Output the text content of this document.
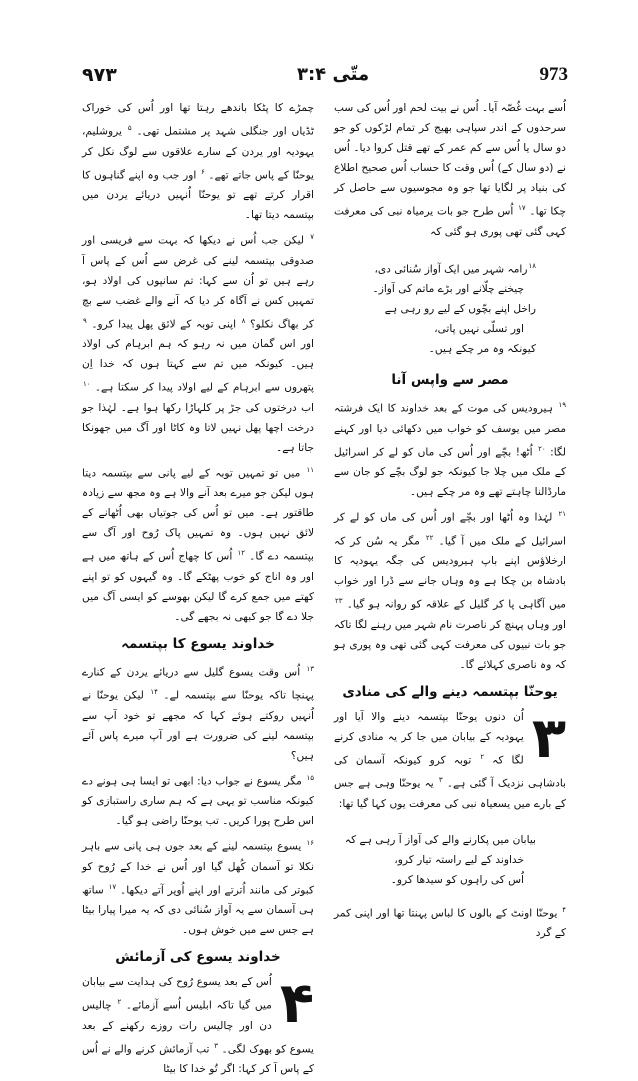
۹۷۳	متّی ۳:۴	973

اُسے بہت غُصّہ آیا۔ اُس نے بیت لحم اور اُس کی سب سرحدوں کے اندر سپاہی بھیج کر تمام لڑکوں کو جو دو سال یا اُس سے کم عمر کے تھے قتل کروا دیا۔ اُس نے (دو سال کے) اُس وقت کا حساب اُس صحیح اطلاع کی بنیاد پر لگایا تھا جو وہ مجوسیوں سے حاصل کر چکا تھا۔ $^{۱۷}$ اُس طرح جو بات یرمیاہ نبی کی معرفت کہی گئی تھی پوری ہو گئی کہ

$^{۱۸}$رامہ شہر میں ایک آواز سُنائی دی،
چیخنے چلّانے اور بڑے ماتم کی آواز۔
راخل اپنے بچّوں کے لیے رو رہی ہے
اور تسلّی نہیں پاتی،
کیونکہ وہ مر چکے ہیں۔
مصر سے واپس آنا

$^{۱۹}$ ہیرودیس کی موت کے بعد خداوند کا ایک فرشتہ مصر میں یوسف کو خواب میں دکھائی دیا اور کہنے لگا: $^{۲۰}$ اُٹھ! بچّے اور اُس کی ماں کو لے کر اسرائیل کے ملک میں چلا جا کیونکہ جو لوگ بچّے کو جان سے مارڈالنا چاہتے تھے وہ مر چکے ہیں۔

$^{۲۱}$ لہٰذا وہ اُٹھا اور بچّے اور اُس کی ماں کو لے کر اسرائیل کے ملک میں آ گیا۔ $^{۲۲}$ مگر یہ سُن کر کہ ارخلاؤس اپنے باپ ہیرودیس کی جگہ یہودیہ کا بادشاہ بن چکا ہے وہ وہاں جانے سے ڈرا اور خواب میں آگاہی پا کر گلیل کے علاقہ کو روانہ ہو گیا۔ $^{۲۳}$ اور وہاں پہنچ کر ناصرت نام شہر میں رہنے لگا تاکہ جو بات نبیوں کی معرفت کہی گئی تھی وہ پوری ہو کہ وہ ناصری کہلائے گا۔

یوحنّا بپتسمہ دینے والے کی منادی
۳

اُن دنوں یوحنّا بپتسمہ دینے والا آیا اور یہودیہ کے بیابان میں جا کر یہ منادی کرنے لگا کہ $^۲$ توبہ کرو کیونکہ آسمان کی بادشاہی نزدیک آ گئی ہے۔ $^۳$ یہ یوحنّا وہی ہے جس کے بارے میں یسعیاہ نبی کی معرفت یوں کہا گیا تھا:

بیابان میں پکارنے والے کی آواز آ رہی ہے کہ
خداوند کے لیے راستہ تیار کرو،
اُس کی راہوں کو سیدھا کرو۔

$^۴$ یوحنّا اونٹ کے بالوں کا لباس پہنتا تھا اور اپنی کمر کے گرد

چمڑے کا پٹکا باندھے رہتا تھا اور اُس کی خوراک ٹڈیاں اور جنگلی شہد پر مشتمل تھی۔ $^۵$ یروشلیم، یہودیہ اور یردن کے سارے علاقوں سے لوگ نکل کر یوحنّا کے پاس جاتے تھے۔ $^۶$ اور جب وہ اپنے گناہوں کا اقرار کرتے تھے تو یوحنّا اُنہیں دریائے یردن میں بپتسمہ دیتا تھا۔

$^۷$ لیکن جب اُس نے دیکھا کہ بہت سے فریسی اور صدوقی بپتسمہ لینے کی غرض سے اُس کے پاس آ رہے ہیں تو اُن سے کہا: تم سانپوں کی اولاد ہو، تمہیں کس نے آگاہ کر دیا کہ آنے والے غضب سے بچ کر بھاگ نکلو؟ $^۸$ اپنی توبہ کے لائق پھل پیدا کرو۔ $^۹$ اور اس گمان میں نہ رہو کہ ہم ابرہام کی اولاد ہیں۔ کیونکہ میں تم سے کہتا ہوں کہ خدا اِن پتھروں سے ابرہام کے لیے اولاد پیدا کر سکتا ہے۔ $^{۱۰}$ اب درختوں کی جڑ پر کلہاڑا رکھا ہوا ہے۔ لہٰذا جو درخت اچھا پھل نہیں لاتا وہ کاٹا اور آگ میں جھونکا جاتا ہے۔

$^{۱۱}$ میں تو تمہیں توبہ کے لیے پانی سے بپتسمہ دیتا ہوں لیکن جو میرے بعد آنے والا ہے وہ مجھ سے زیادہ طاقتور ہے۔ میں تو اُس کی جوتیاں بھی اُٹھانے کے لائق نہیں ہوں۔ وہ تمہیں پاک رُوح اور آگ سے بپتسمہ دے گا۔ $^{۱۲}$ اُس کا چھاج اُس کے ہاتھ میں ہے اور وہ اناج کو خوب پھٹکے گا۔ وہ گیہوں کو تو اپنے کھتے میں جمع کرے گا لیکن بھوسے کو ایسی آگ میں جلا دے گا جو کبھی نہ بجھے گی۔

خداوند یسوع کا بپتسمہ

$^{۱۳}$ اُس وقت یسوع گلیل سے دریائے یردن کے کنارے پہنچا تاکہ یوحنّا سے بپتسمہ لے۔ $^{۱۴}$ لیکن یوحنّا نے اُنہیں روکتے ہوئے کہا کہ مجھے تو خود آپ سے بپتسمہ لینے کی ضرورت ہے اور آپ میرے پاس آئے ہیں؟

$^{۱۵}$ مگر یسوع نے جواب دیا: ابھی تو ایسا ہی ہونے دے کیونکہ مناسب تو یہی ہے کہ ہم ساری راستبازی کو اس طرح پورا کریں۔ تب یوحنّا راضی ہو گیا۔

$^{۱۶}$ یسوع بپتسمہ لینے کے بعد جوں ہی پانی سے باہر نکلا تو آسمان کُھل گیا اور اُس نے خدا کے رُوح کو کبوتر کی مانند اُترتے اور اپنے اُوپر آتے دیکھا۔ $^{۱۷}$ ساتھ ہی آسمان سے یہ آواز سُنائی دی کہ یہ میرا پیارا بیٹا ہے جس سے میں خوش ہوں۔

خداوند یسوع کی آزمائش
۴

اُس کے بعد یسوع رُوح کی ہدایت سے بیابان میں گیا تاکہ ابلیس اُسے آزمائے۔ $^۲$ چالیس دن اور چالیس رات روزے رکھنے کے بعد یسوع کو بھوک لگی۔ $^۳$ تب آزمائش کرنے والے نے اُس کے پاس آ کر کہا: اگر تُو خدا کا بیٹا
